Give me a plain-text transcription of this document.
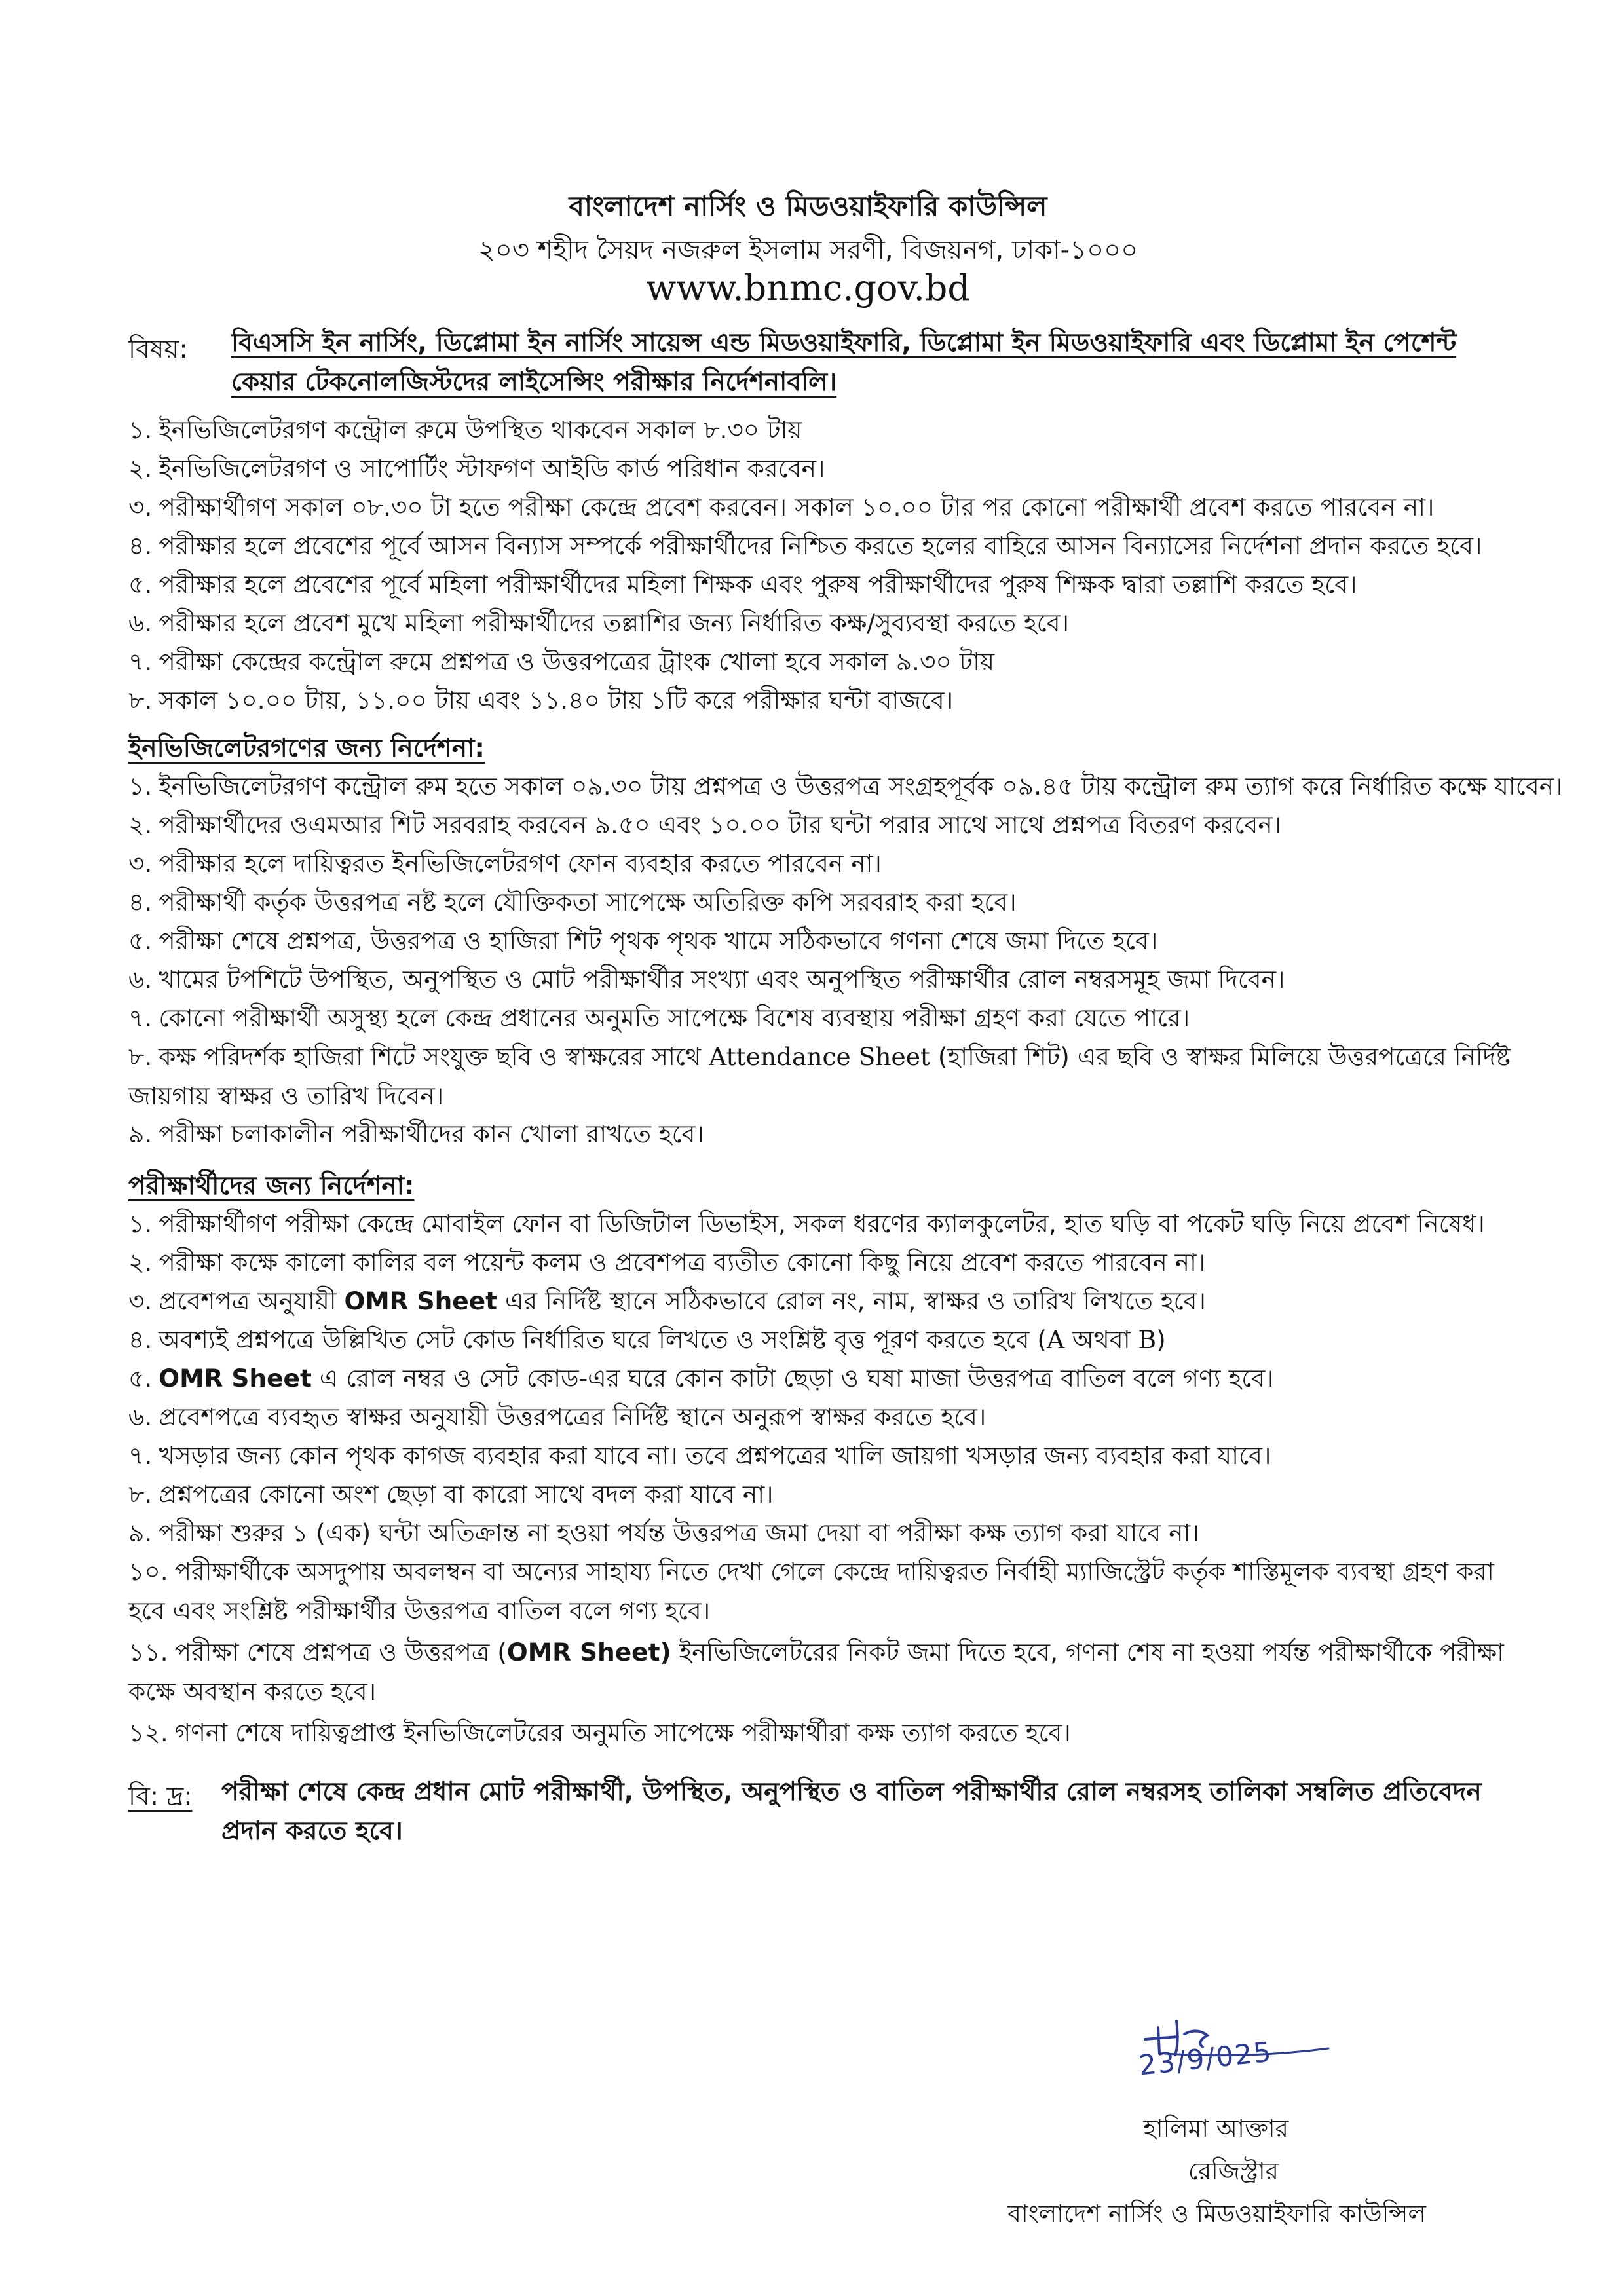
বাংলাদেশ নার্সিং ও মিডওয়াইফারি কাউন্সিল
২০৩ শহীদ সৈয়দ নজরুল ইসলাম সরণী, বিজয়নগ, ঢাকা-১০০০
www.bnmc.gov.bd
বিষয়: বিএসসি ইন নার্সিং, ডিপ্লোমা ইন নার্সিং সায়েন্স এন্ড মিডওয়াইফারি, ডিপ্লোমা ইন মিডওয়াইফারি এবং ডিপ্লোমা ইন পেশেন্ট কেয়ার টেকনোলজিস্টদের লাইসেন্সিং পরীক্ষার নির্দেশনাবলি।
১. ইনভিজিলেটরগণ কন্ট্রোল রুমে উপস্থিত থাকবেন সকাল ৮.৩০ টায়
২. ইনভিজিলেটরগণ ও সাপোর্টিং স্টাফগণ আইডি কার্ড পরিধান করবেন।
৩. পরীক্ষার্থীগণ সকাল ০৮.৩০ টা হতে পরীক্ষা কেন্দ্রে প্রবেশ করবেন। সকাল ১০.০০ টার পর কোনো পরীক্ষার্থী প্রবেশ করতে পারবেন না।
৪. পরীক্ষার হলে প্রবেশের পূর্বে আসন বিন্যাস সম্পর্কে পরীক্ষার্থীদের নিশ্চিত করতে হলের বাহিরে আসন বিন্যাসের নির্দেশনা প্রদান করতে হবে।
৫. পরীক্ষার হলে প্রবেশের পূর্বে মহিলা পরীক্ষার্থীদের মহিলা শিক্ষক এবং পুরুষ পরীক্ষার্থীদের পুরুষ শিক্ষক দ্বারা তল্লাশি করতে হবে।
৬. পরীক্ষার হলে প্রবেশ মুখে মহিলা পরীক্ষার্থীদের তল্লাশির জন্য নির্ধারিত কক্ষ/সুব্যবস্থা করতে হবে।
৭. পরীক্ষা কেন্দ্রের কন্ট্রোল রুমে প্রশ্নপত্র ও উত্তরপত্রের ট্রাংক খোলা হবে সকাল ৯.৩০ টায়
৮. সকাল ১০.০০ টায়, ১১.০০ টায় এবং ১১.৪০ টায় ১টি করে পরীক্ষার ঘন্টা বাজবে।
ইনভিজিলেটরগণের জন্য নির্দেশনা:
১. ইনভিজিলেটরগণ কন্ট্রোল রুম হতে সকাল ০৯.৩০ টায় প্রশ্নপত্র ও উত্তরপত্র সংগ্রহপূর্বক ০৯.৪৫ টায় কন্ট্রোল রুম ত্যাগ করে নির্ধারিত কক্ষে যাবেন।
২. পরীক্ষার্থীদের ওএমআর শিট সরবরাহ করবেন ৯.৫০ এবং ১০.০০ টার ঘন্টা পরার সাথে সাথে প্রশ্নপত্র বিতরণ করবেন।
৩. পরীক্ষার হলে দায়িত্বরত ইনভিজিলেটরগণ ফোন ব্যবহার করতে পারবেন না।
৪. পরীক্ষার্থী কর্তৃক উত্তরপত্র নষ্ট হলে যৌক্তিকতা সাপেক্ষে অতিরিক্ত কপি সরবরাহ করা হবে।
৫. পরীক্ষা শেষে প্রশ্নপত্র, উত্তরপত্র ও হাজিরা শিট পৃথক পৃথক খামে সঠিকভাবে গণনা শেষে জমা দিতে হবে।
৬. খামের টপশিটে উপস্থিত, অনুপস্থিত ও মোট পরীক্ষার্থীর সংখ্যা এবং অনুপস্থিত পরীক্ষার্থীর রোল নম্বরসমূহ জমা দিবেন।
৭. কোনো পরীক্ষার্থী অসুস্থ্য হলে কেন্দ্র প্রধানের অনুমতি সাপেক্ষে বিশেষ ব্যবস্থায় পরীক্ষা গ্রহণ করা যেতে পারে।
৮. কক্ষ পরিদর্শক হাজিরা শিটে সংযুক্ত ছবি ও স্বাক্ষরের সাথে Attendance Sheet (হাজিরা শিট) এর ছবি ও স্বাক্ষর মিলিয়ে উত্তরপত্রেরে নির্দিষ্ট জায়গায় স্বাক্ষর ও তারিখ দিবেন।
৯. পরীক্ষা চলাকালীন পরীক্ষার্থীদের কান খোলা রাখতে হবে।
পরীক্ষার্থীদের জন্য নির্দেশনা:
১. পরীক্ষার্থীগণ পরীক্ষা কেন্দ্রে মোবাইল ফোন বা ডিজিটাল ডিভাইস, সকল ধরণের ক্যালকুলেটর, হাত ঘড়ি বা পকেট ঘড়ি নিয়ে প্রবেশ নিষেধ।
২. পরীক্ষা কক্ষে কালো কালির বল পয়েন্ট কলম ও প্রবেশপত্র ব্যতীত কোনো কিছু নিয়ে প্রবেশ করতে পারবেন না।
৩. প্রবেশপত্র অনুযায়ী OMR Sheet এর নির্দিষ্ট স্থানে সঠিকভাবে রোল নং, নাম, স্বাক্ষর ও তারিখ লিখতে হবে।
৪. অবশ্যই প্রশ্নপত্রে উল্লিখিত সেট কোড নির্ধারিত ঘরে লিখতে ও সংশ্লিষ্ট বৃত্ত পূরণ করতে হবে (A অথবা B)
৫. OMR Sheet এ রোল নম্বর ও সেট কোড-এর ঘরে কোন কাটা ছেড়া ও ঘষা মাজা উত্তরপত্র বাতিল বলে গণ্য হবে।
৬. প্রবেশপত্রে ব্যবহৃত স্বাক্ষর অনুযায়ী উত্তরপত্রের নির্দিষ্ট স্থানে অনুরূপ স্বাক্ষর করতে হবে।
৭. খসড়ার জন্য কোন পৃথক কাগজ ব্যবহার করা যাবে না। তবে প্রশ্নপত্রের খালি জায়গা খসড়ার জন্য ব্যবহার করা যাবে।
৮. প্রশ্নপত্রের কোনো অংশ ছেড়া বা কারো সাথে বদল করা যাবে না।
৯. পরীক্ষা শুরুর ১ (এক) ঘন্টা অতিক্রান্ত না হওয়া পর্যন্ত উত্তরপত্র জমা দেয়া বা পরীক্ষা কক্ষ ত্যাগ করা যাবে না।
১০. পরীক্ষার্থীকে অসদুপায় অবলম্বন বা অন্যের সাহায্য নিতে দেখা গেলে কেন্দ্রে দায়িত্বরত নির্বাহী ম্যাজিস্ট্রেট কর্তৃক শাস্তিমূলক ব্যবস্থা গ্রহণ করা হবে এবং সংশ্লিষ্ট পরীক্ষার্থীর উত্তরপত্র বাতিল বলে গণ্য হবে।
১১. পরীক্ষা শেষে প্রশ্নপত্র ও উত্তরপত্র (OMR Sheet) ইনভিজিলেটরের নিকট জমা দিতে হবে, গণনা শেষ না হওয়া পর্যন্ত পরীক্ষার্থীকে পরীক্ষা কক্ষে অবস্থান করতে হবে।
১২. গণনা শেষে দায়িত্বপ্রাপ্ত ইনভিজিলেটরের অনুমতি সাপেক্ষে পরীক্ষার্থীরা কক্ষ ত্যাগ করতে হবে।
বি: দ্র: পরীক্ষা শেষে কেন্দ্র প্রধান মোট পরীক্ষার্থী, উপস্থিত, অনুপস্থিত ও বাতিল পরীক্ষার্থীর রোল নম্বরসহ তালিকা সম্বলিত প্রতিবেদন প্রদান করতে হবে।
23/9/025
হালিমা আক্তার
রেজিস্ট্রার
বাংলাদেশ নার্সিং ও মিডওয়াইফারি কাউন্সিল
